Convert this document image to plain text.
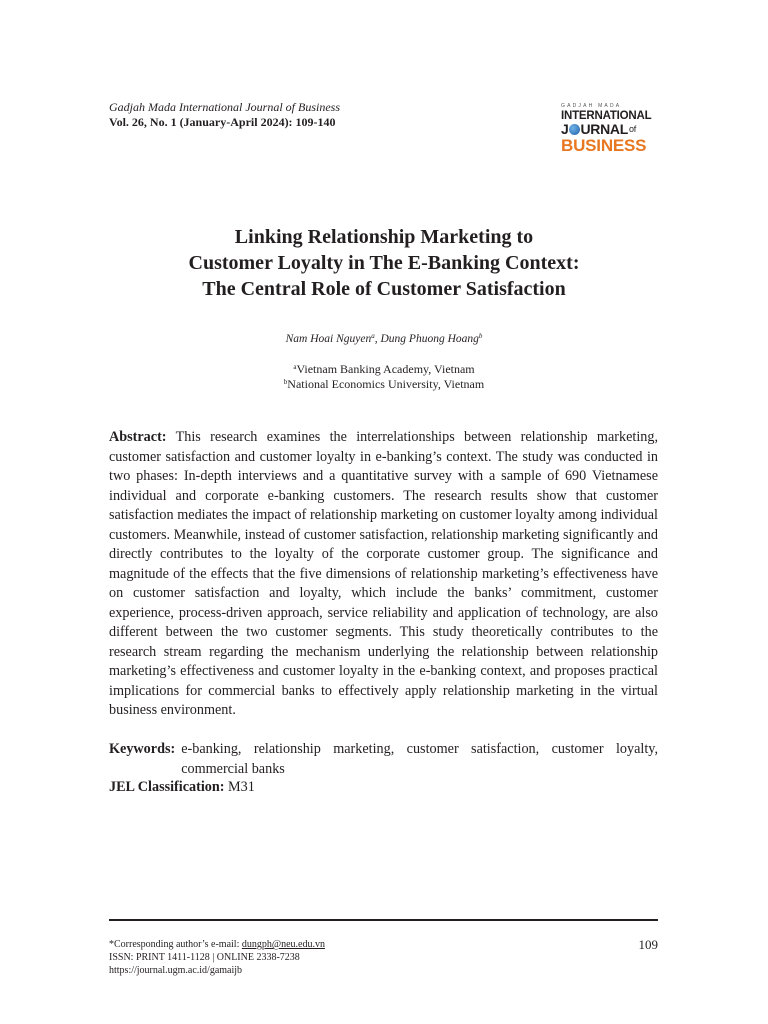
Gadjah Mada International Journal of Business
Vol. 26, No. 1 (January-April 2024): 109-140
GADJAH MADA
INTERNATIONAL
J URNAL of
BUSINESS
Linking Relationship Marketing to
Customer Loyalty in The E-Banking Context:
The Central Role of Customer Satisfaction
Nam Hoai Nguyen$^a$, Dung Phuong Hoang$^b$
$^a$Vietnam Banking Academy, Vietnam
$^b$National Economics University, Vietnam

Abstract: This research examines the interrelationships between relationship marketing, customer satisfaction and customer loyalty in e-banking’s context. The study was conducted in two phases: In-depth interviews and a quantitative survey with a sample of 690 Vietnamese individual and corporate e-banking customers. The research results show that customer satisfaction mediates the impact of relationship marketing on customer loyalty among individual customers. Meanwhile, instead of customer satisfaction, relationship marketing significantly and directly contributes to the loyalty of the corporate customer group. The significance and magnitude of the effects that the five dimensions of relationship marketing’s effectiveness have on customer satisfaction and loyalty, which include the banks’ commitment, customer experience, process-driven approach, service reliability and application of technology, are also different between the two customer segments. This study theoretically contributes to the research stream regarding the mechanism underlying the relationship between relationship marketing’s effectiveness and customer loyalty in the e-banking context, and proposes practical implications for commercial banks to effectively apply relationship marketing in the virtual business environment.

Keywords: e-banking, relationship marketing, customer satisfaction, customer loyalty, commercial banks
JEL Classification: M31
*Corresponding author’s e-mail: dungph@neu.edu.vn
ISSN: PRINT 1411-1128 | ONLINE 2338-7238
https://journal.ugm.ac.id/gamaijb
109
